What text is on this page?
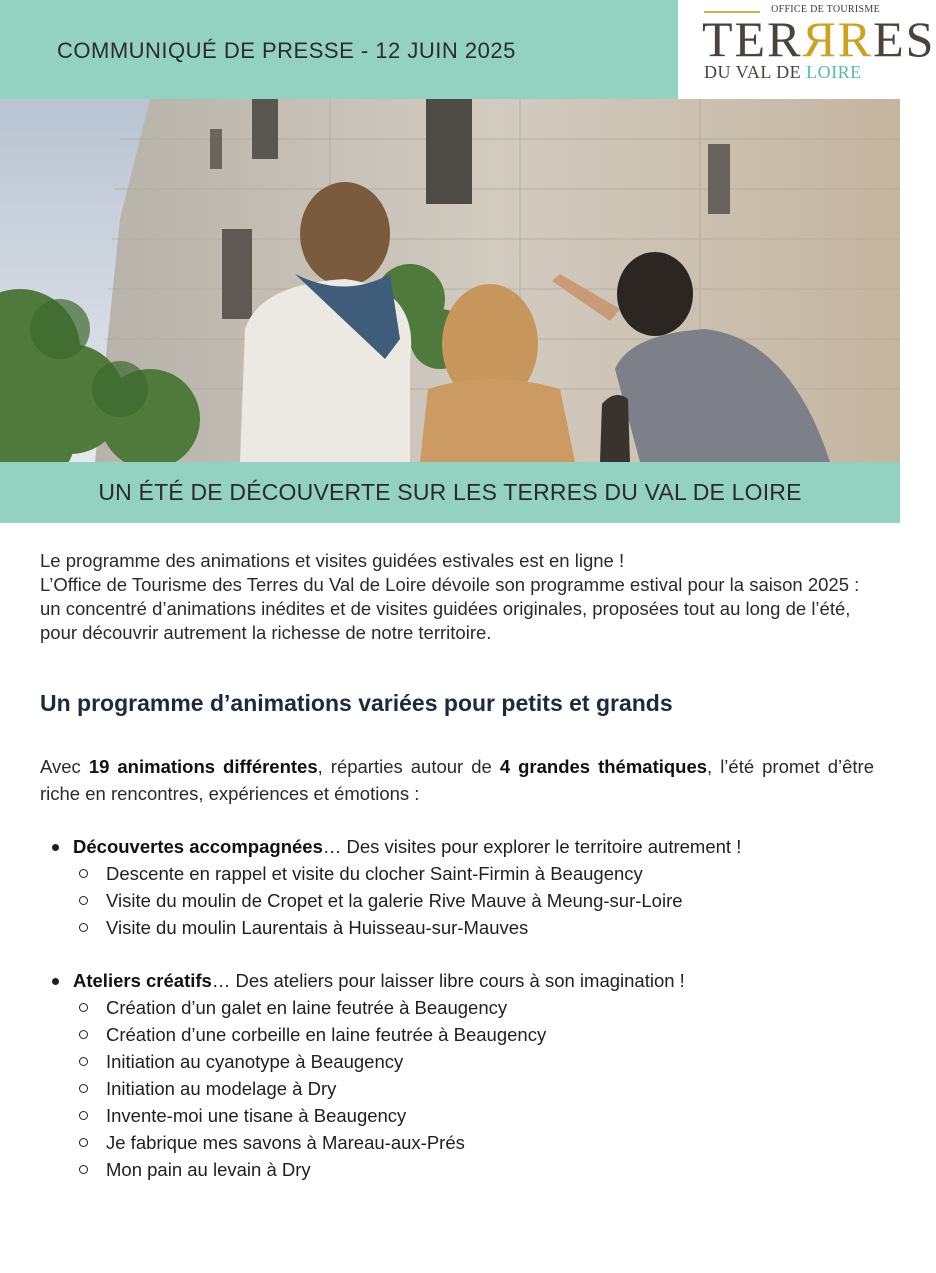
COMMUNIQUÉ DE PRESSE - 12 JUIN 2025
OFFICE DE TOURISME
TERЯRES
DU VAL DE LOIRE
UN ÉTÉ DE DÉCOUVERTE SUR LES TERRES DU VAL DE LOIRE

Le programme des animations et visites guidées estivales est en ligne !

L’Office de Tourisme des Terres du Val de Loire dévoile son programme estival pour la saison 2025 : un concentré d’animations inédites et de visites guidées originales, proposées tout au long de l’été, pour découvrir autrement la richesse de notre territoire.

Un programme d’animations variées pour petits et grands

Avec 19 animations différentes, réparties autour de 4 grandes thématiques, l’été promet d’être riche en rencontres, expériences et émotions :

Découvertes accompagnées… Des visites pour explorer le territoire autrement !
Descente en rappel et visite du clocher Saint-Firmin à Beaugency
Visite du moulin de Cropet et la galerie Rive Mauve à Meung-sur-Loire
Visite du moulin Laurentais à Huisseau-sur-Mauves
Ateliers créatifs… Des ateliers pour laisser libre cours à son imagination !
Création d’un galet en laine feutrée à Beaugency
Création d’une corbeille en laine feutrée à Beaugency
Initiation au cyanotype à Beaugency
Initiation au modelage à Dry
Invente-moi une tisane à Beaugency
Je fabrique mes savons à Mareau-aux-Prés
Mon pain au levain à Dry
